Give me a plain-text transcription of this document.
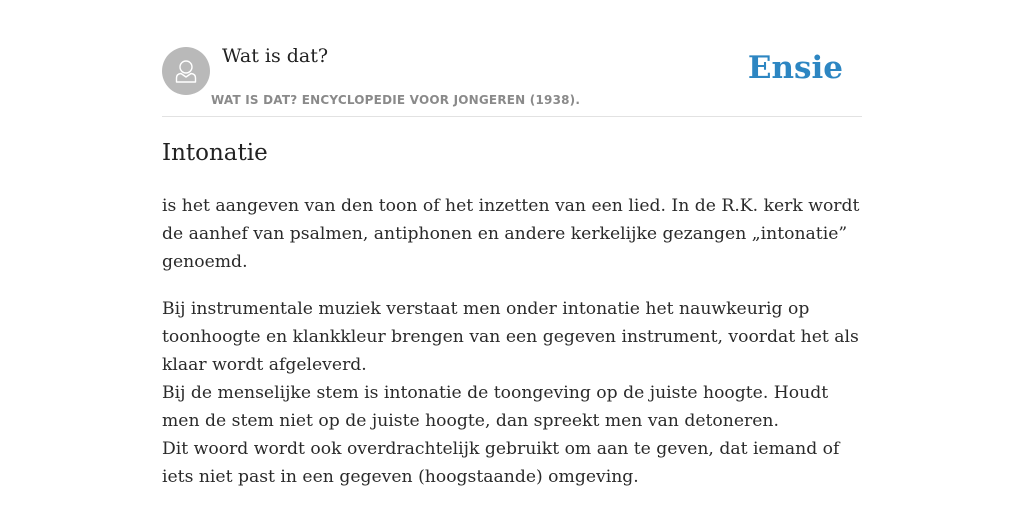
Wat is dat?
WAT IS DAT? ENCYCLOPEDIE VOOR JONGEREN (1938).
Ensie
Intonatie

is het aangeven van den toon of het inzetten van een lied. In de R.K. kerk wordt de aanhef van psalmen, antiphonen en andere kerkelijke gezangen „intonatie” genoemd.

Bij instrumentale muziek verstaat men onder intonatie het nauwkeurig op toonhoogte en klankkleur brengen van een gegeven instrument, voordat het als klaar wordt afgeleverd.

Bij de menselijke stem is intonatie de toongeving op de juiste hoogte. Houdt men de stem niet op de juiste hoogte, dan spreekt men van detoneren.

Dit woord wordt ook overdrachtelijk gebruikt om aan te geven, dat iemand of iets niet past in een gegeven (hoogstaande) omgeving.
